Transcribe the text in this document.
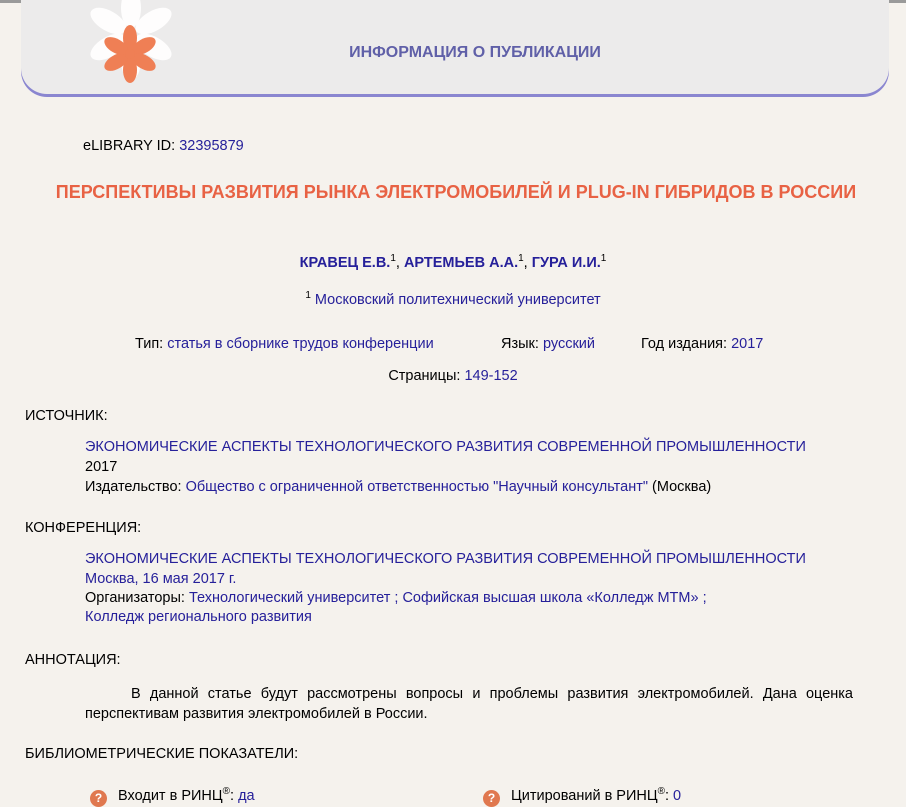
ИНФОРМАЦИЯ О ПУБЛИКАЦИИ
eLIBRARY ID: 32395879
ПЕРСПЕКТИВЫ РАЗВИТИЯ РЫНКА ЭЛЕКТРОМОБИЛЕЙ И PLUG-IN ГИБРИДОВ В РОССИИ
КРАВЕЦ Е.В.$^1$, АРТЕМЬЕВ А.А.$^1$, ГУРА И.И.$^1$
$^1$ Московский политехнический университет
Тип: статья в сборнике трудов конференции	Язык: русский	Год издания: 2017
Страницы: 149-152
ИСТОЧНИК:
ЭКОНОМИЧЕСКИЕ АСПЕКТЫ ТЕХНОЛОГИЧЕСКОГО РАЗВИТИЯ СОВРЕМЕННОЙ ПРОМЫШЛЕННОСТИ
2017
Издательство: Общество с ограниченной ответственностью "Научный консультант" (Москва)
КОНФЕРЕНЦИЯ:
ЭКОНОМИЧЕСКИЕ АСПЕКТЫ ТЕХНОЛОГИЧЕСКОГО РАЗВИТИЯ СОВРЕМЕННОЙ ПРОМЫШЛЕННОСТИ
Москва, 16 мая 2017 г.
Организаторы: Технологический университет ; Софийская высшая школа «Колледж МТМ» ;
Колледж регионального развития
АННОТАЦИЯ:
В данной статье будут рассмотрены вопросы и проблемы развития электромобилей. Дана оценка перспективам развития электромобилей в России.
БИБЛИОМЕТРИЧЕСКИЕ ПОКАЗАТЕЛИ:
? Входит в РИНЦ®: да	? Цитирований в РИНЦ®: 0
